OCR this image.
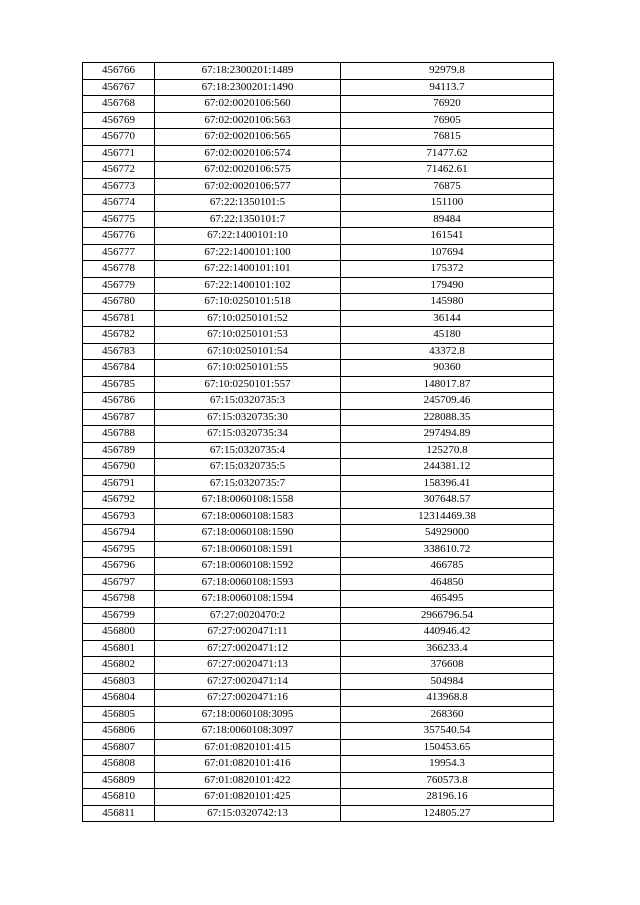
456766	67:18:2300201:1489	92979.8
456767	67:18:2300201:1490	94113.7
456768	67:02:0020106:560	76920
456769	67:02:0020106:563	76905
456770	67:02:0020106:565	76815
456771	67:02:0020106:574	71477.62
456772	67:02:0020106:575	71462.61
456773	67:02:0020106:577	76875
456774	67:22:1350101:5	151100
456775	67:22:1350101:7	89484
456776	67:22:1400101:10	161541
456777	67:22:1400101:100	107694
456778	67:22:1400101:101	175372
456779	67:22:1400101:102	179490
456780	67:10:0250101:518	145980
456781	67:10:0250101:52	36144
456782	67:10:0250101:53	45180
456783	67:10:0250101:54	43372.8
456784	67:10:0250101:55	90360
456785	67:10:0250101:557	148017.87
456786	67:15:0320735:3	245709.46
456787	67:15:0320735:30	228088.35
456788	67:15:0320735:34	297494.89
456789	67:15:0320735:4	125270.8
456790	67:15:0320735:5	244381.12
456791	67:15:0320735:7	158396.41
456792	67:18:0060108:1558	307648.57
456793	67:18:0060108:1583	12314469.38
456794	67:18:0060108:1590	54929000
456795	67:18:0060108:1591	338610.72
456796	67:18:0060108:1592	466785
456797	67:18:0060108:1593	464850
456798	67:18:0060108:1594	465495
456799	67:27:0020470:2	2966796.54
456800	67:27:0020471:11	440946.42
456801	67:27:0020471:12	366233.4
456802	67:27:0020471:13	376608
456803	67:27:0020471:14	504984
456804	67:27:0020471:16	413968.8
456805	67:18:0060108:3095	268360
456806	67:18:0060108:3097	357540.54
456807	67:01:0820101:415	150453.65
456808	67:01:0820101:416	19954.3
456809	67:01:0820101:422	760573.8
456810	67:01:0820101:425	28196.16
456811	67:15:0320742:13	124805.27
